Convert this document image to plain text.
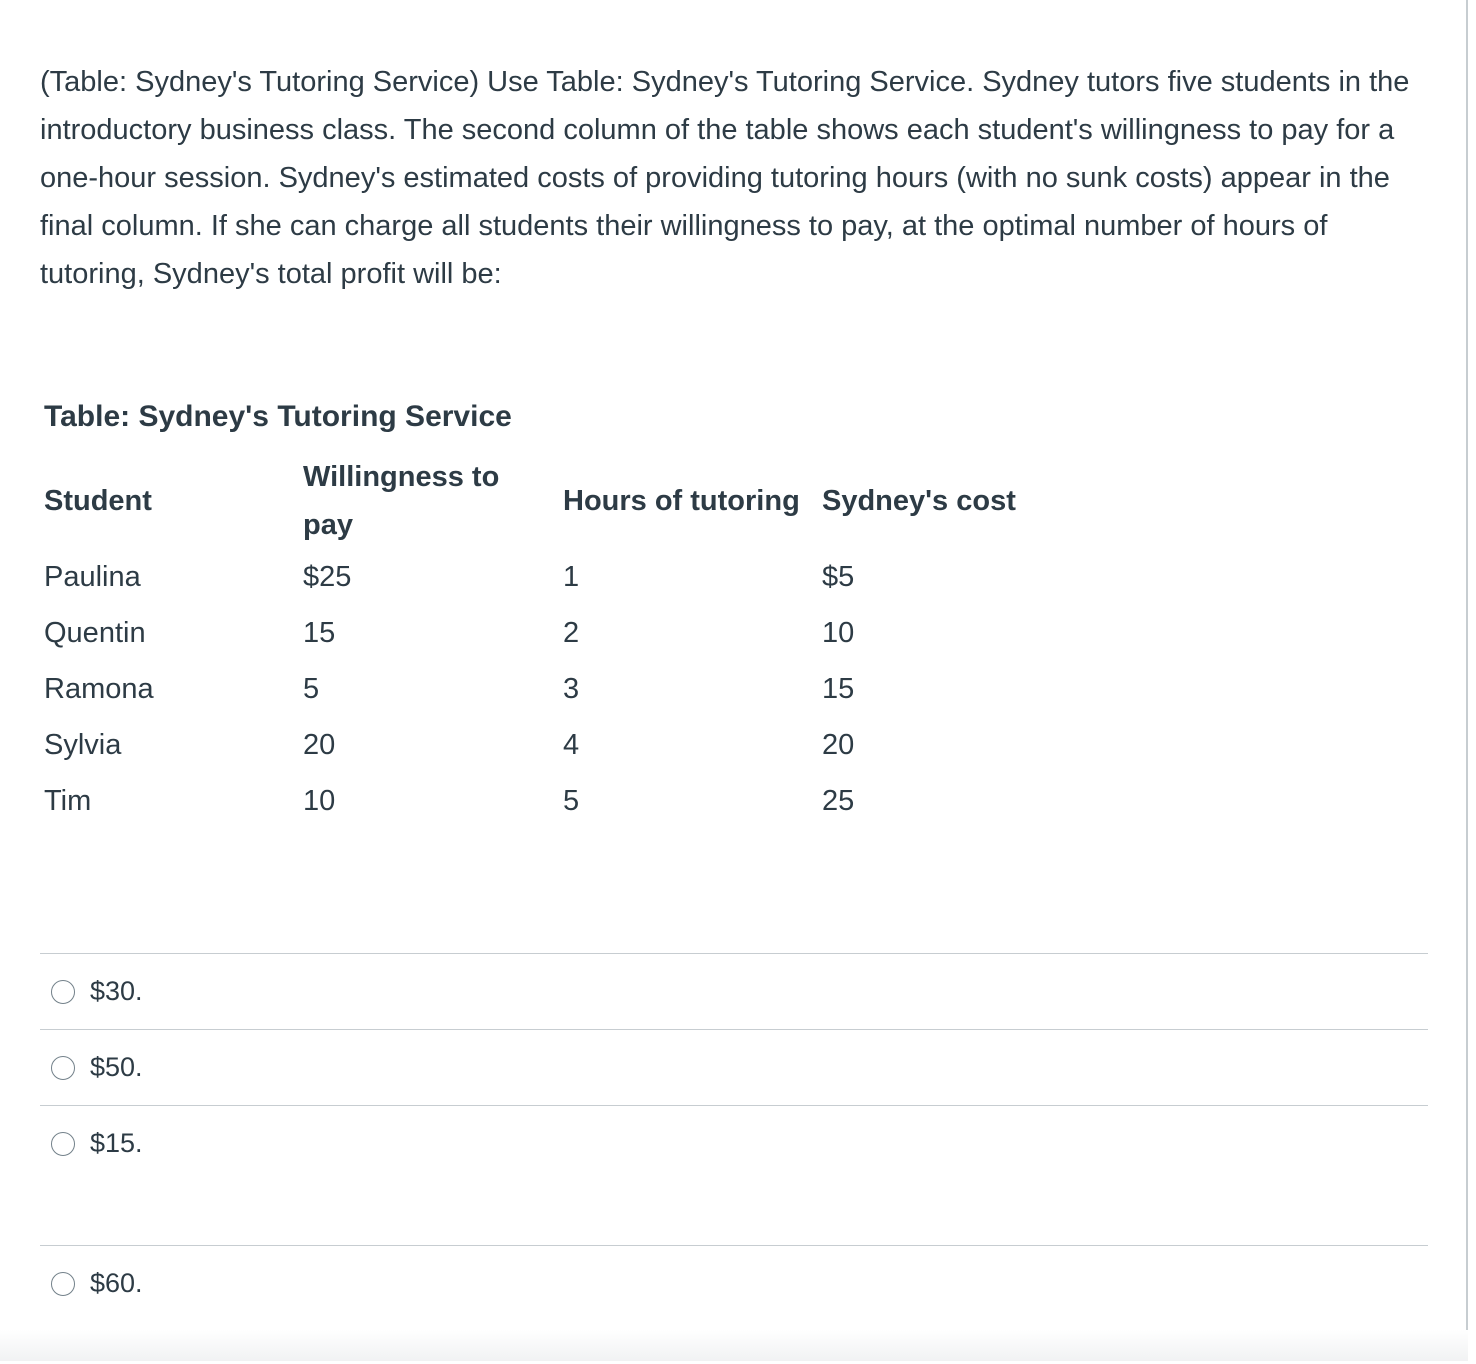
(Table: Sydney's Tutoring Service) Use Table: Sydney's Tutoring Service. Sydney tutors five students in the introductory business class. The second column of the table shows each student's willingness to pay for a one-hour session. Sydney's estimated costs of providing tutoring hours (with no sunk costs) appear in the final column. If she can charge all students their willingness to pay, at the optimal number of hours of tutoring, Sydney's total profit will be:

Table: Sydney's Tutoring Service
Student	Willingness to pay	Hours of tutoring	Sydney's cost
Paulina	$25	1	$5
Quentin	15	2	10
Ramona	5	3	15
Sylvia	20	4	20
Tim	10	5	25
$30.
$50.
$15.
$60.
